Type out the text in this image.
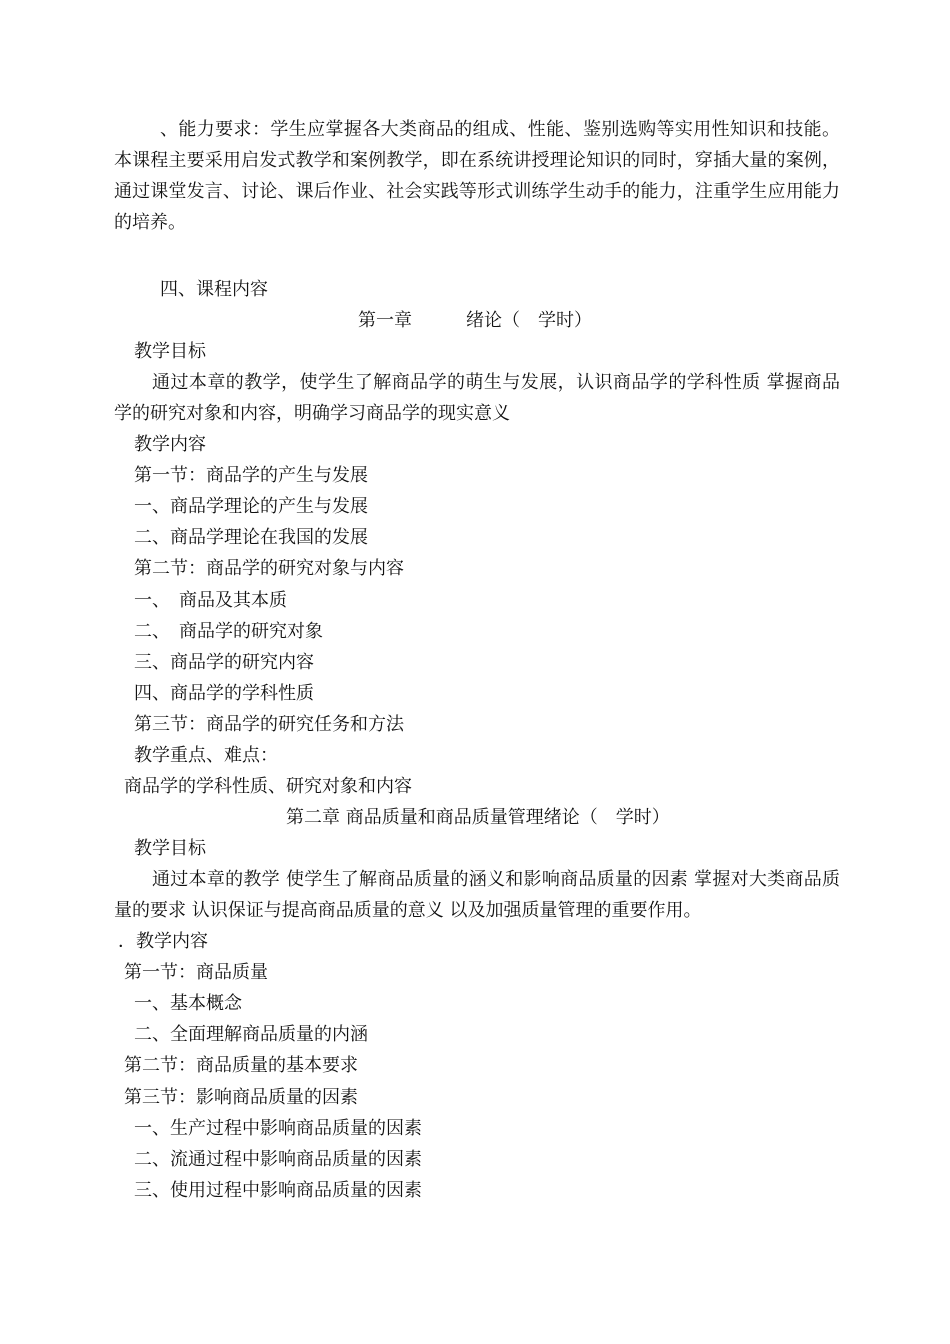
、能力要求：学生应掌握各大类商品的组成、性能、鉴别选购等实用性知识和技能。本课程主要采用启发式教学和案例教学，即在系统讲授理论知识的同时，穿插大量的案例，通过课堂发言、讨论、课后作业、社会实践等形式训练学生动手的能力，注重学生应用能力的培养。
四、课程内容
第一章　　　绪论（　学时）
教学目标
通过本章的教学，使学生了解商品学的萌生与发展，认识商品学的学科性质 掌握商品学的研究对象和内容，明确学习商品学的现实意义
教学内容
第一节：商品学的产生与发展
一、商品学理论的产生与发展
二、商品学理论在我国的发展
第二节：商品学的研究对象与内容
一、　商品及其本质
二、　商品学的研究对象
三、商品学的研究内容
四、商品学的学科性质
第三节：商品学的研究任务和方法
教学重点、难点：
商品学的学科性质、研究对象和内容
第二章 商品质量和商品质量管理绪论（　学时）
教学目标
通过本章的教学 使学生了解商品质量的涵义和影响商品质量的因素 掌握对大类商品质量的要求 认识保证与提高商品质量的意义 以及加强质量管理的重要作用。
．教学内容
第一节：商品质量
一、基本概念
二、全面理解商品质量的内涵
第二节：商品质量的基本要求
第三节：影响商品质量的因素
一、生产过程中影响商品质量的因素
二、流通过程中影响商品质量的因素
三、使用过程中影响商品质量的因素
